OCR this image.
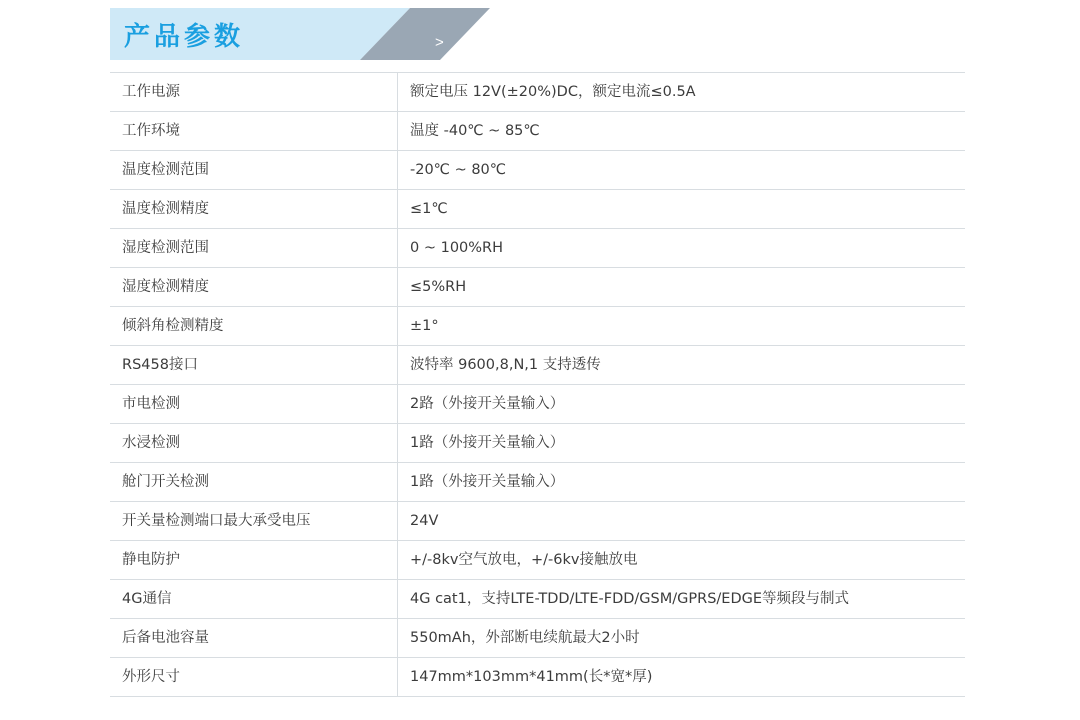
产品参数	>
工作电源	额定电压 12V(±20%)DC，额定电流≤0.5A
工作环境	温度 -40℃ ~ 85℃
温度检测范围	-20℃ ~ 80℃
温度检测精度	≤1℃
湿度检测范围	0 ~ 100%RH
湿度检测精度	≤5%RH
倾斜角检测精度	±1°
RS458接口	波特率 9600,8,N,1 支持透传
市电检测	2路（外接开关量输入）
水浸检测	1路（外接开关量输入）
舱门开关检测	1路（外接开关量输入）
开关量检测端口最大承受电压	24V
静电防护	+/-8kv空气放电，+/-6kv接触放电
4G通信	4G cat1，支持LTE-TDD/LTE-FDD/GSM/GPRS/EDGE等频段与制式
后备电池容量	550mAh，外部断电续航最大2小时
外形尺寸	147mm*103mm*41mm(长*宽*厚)
